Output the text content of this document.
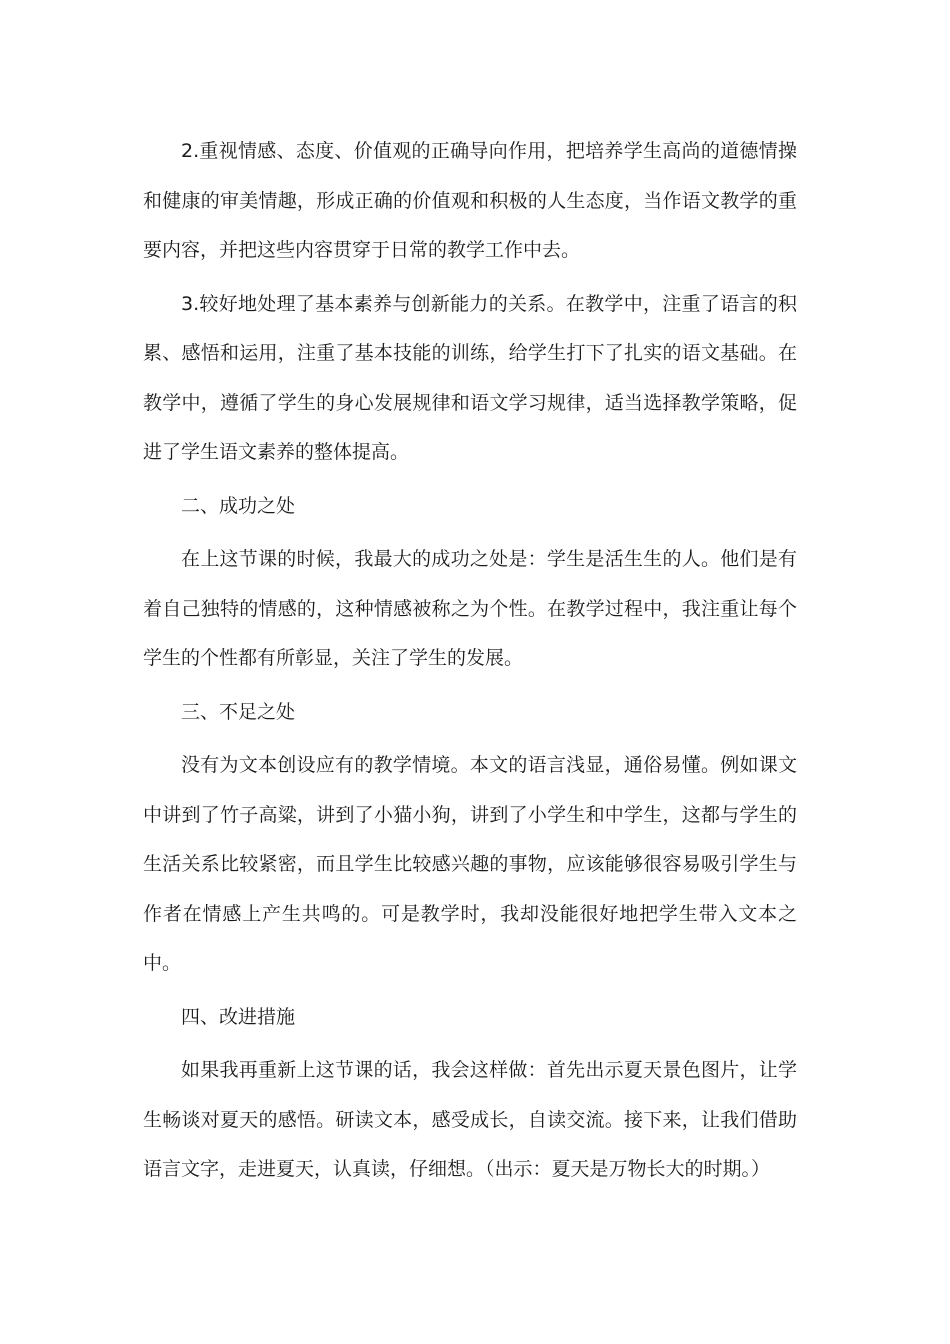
2.重视情感、态度、价值观的正确导向作用，把培养学生高尚的道德情操和健康的审美情趣，形成正确的价值观和积极的人生态度，当作语文教学的重要内容，并把这些内容贯穿于日常的教学工作中去。

3.较好地处理了基本素养与创新能力的关系。在教学中，注重了语言的积累、感悟和运用，注重了基本技能的训练，给学生打下了扎实的语文基础。在教学中，遵循了学生的身心发展规律和语文学习规律，适当选择教学策略，促进了学生语文素养的整体提高。

二、成功之处

在上这节课的时候，我最大的成功之处是：学生是活生生的人。他们是有着自己独特的情感的，这种情感被称之为个性。在教学过程中，我注重让每个学生的个性都有所彰显，关注了学生的发展。

三、不足之处

没有为文本创设应有的教学情境。本文的语言浅显，通俗易懂。例如课文中讲到了竹子高粱，讲到了小猫小狗，讲到了小学生和中学生，这都与学生的生活关系比较紧密，而且学生比较感兴趣的事物，应该能够很容易吸引学生与作者在情感上产生共鸣的。可是教学时，我却没能很好地把学生带入文本之中。

四、改进措施

如果我再重新上这节课的话，我会这样做：首先出示夏天景色图片，让学生畅谈对夏天的感悟。研读文本，感受成长，自读交流。接下来，让我们借助语言文字，走进夏天，认真读，仔细想。（出示：夏天是万物长大的时期。）
